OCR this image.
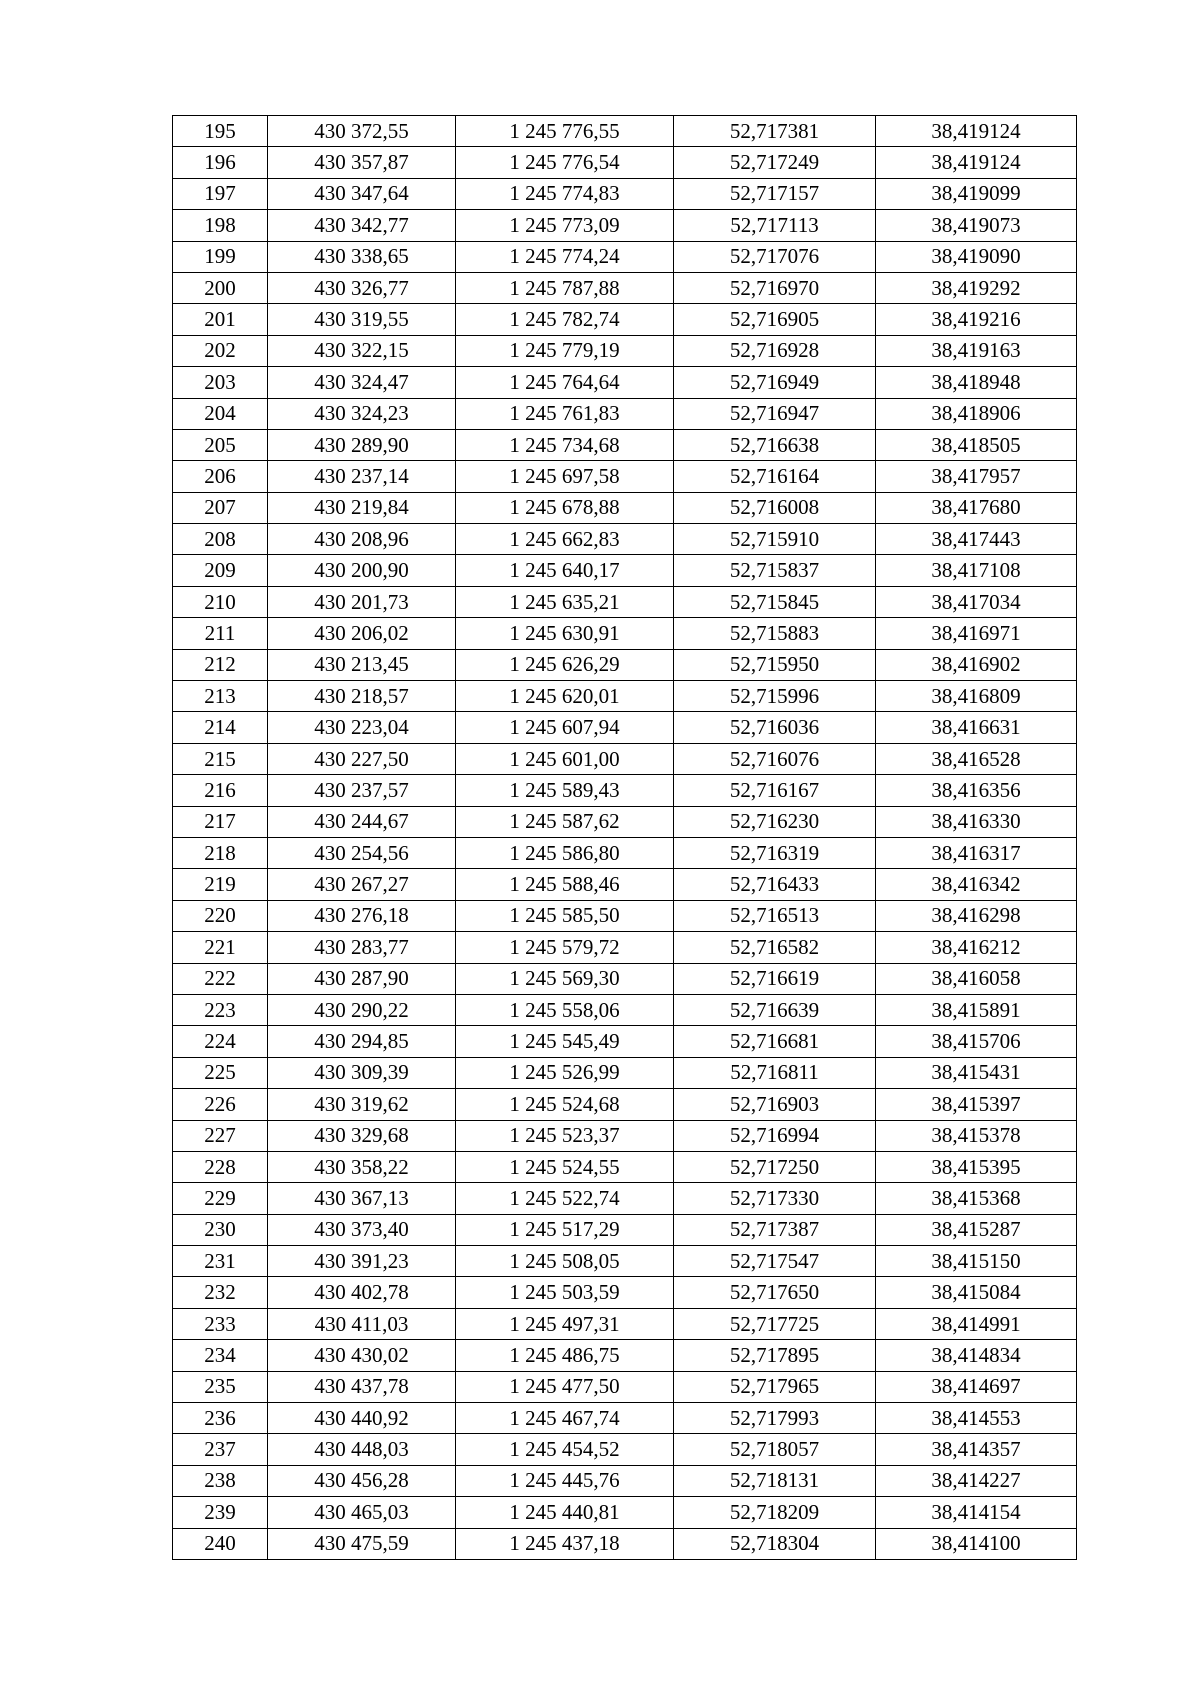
195	430 372,55	1 245 776,55	52,717381	38,419124
196	430 357,87	1 245 776,54	52,717249	38,419124
197	430 347,64	1 245 774,83	52,717157	38,419099
198	430 342,77	1 245 773,09	52,717113	38,419073
199	430 338,65	1 245 774,24	52,717076	38,419090
200	430 326,77	1 245 787,88	52,716970	38,419292
201	430 319,55	1 245 782,74	52,716905	38,419216
202	430 322,15	1 245 779,19	52,716928	38,419163
203	430 324,47	1 245 764,64	52,716949	38,418948
204	430 324,23	1 245 761,83	52,716947	38,418906
205	430 289,90	1 245 734,68	52,716638	38,418505
206	430 237,14	1 245 697,58	52,716164	38,417957
207	430 219,84	1 245 678,88	52,716008	38,417680
208	430 208,96	1 245 662,83	52,715910	38,417443
209	430 200,90	1 245 640,17	52,715837	38,417108
210	430 201,73	1 245 635,21	52,715845	38,417034
211	430 206,02	1 245 630,91	52,715883	38,416971
212	430 213,45	1 245 626,29	52,715950	38,416902
213	430 218,57	1 245 620,01	52,715996	38,416809
214	430 223,04	1 245 607,94	52,716036	38,416631
215	430 227,50	1 245 601,00	52,716076	38,416528
216	430 237,57	1 245 589,43	52,716167	38,416356
217	430 244,67	1 245 587,62	52,716230	38,416330
218	430 254,56	1 245 586,80	52,716319	38,416317
219	430 267,27	1 245 588,46	52,716433	38,416342
220	430 276,18	1 245 585,50	52,716513	38,416298
221	430 283,77	1 245 579,72	52,716582	38,416212
222	430 287,90	1 245 569,30	52,716619	38,416058
223	430 290,22	1 245 558,06	52,716639	38,415891
224	430 294,85	1 245 545,49	52,716681	38,415706
225	430 309,39	1 245 526,99	52,716811	38,415431
226	430 319,62	1 245 524,68	52,716903	38,415397
227	430 329,68	1 245 523,37	52,716994	38,415378
228	430 358,22	1 245 524,55	52,717250	38,415395
229	430 367,13	1 245 522,74	52,717330	38,415368
230	430 373,40	1 245 517,29	52,717387	38,415287
231	430 391,23	1 245 508,05	52,717547	38,415150
232	430 402,78	1 245 503,59	52,717650	38,415084
233	430 411,03	1 245 497,31	52,717725	38,414991
234	430 430,02	1 245 486,75	52,717895	38,414834
235	430 437,78	1 245 477,50	52,717965	38,414697
236	430 440,92	1 245 467,74	52,717993	38,414553
237	430 448,03	1 245 454,52	52,718057	38,414357
238	430 456,28	1 245 445,76	52,718131	38,414227
239	430 465,03	1 245 440,81	52,718209	38,414154
240	430 475,59	1 245 437,18	52,718304	38,414100
